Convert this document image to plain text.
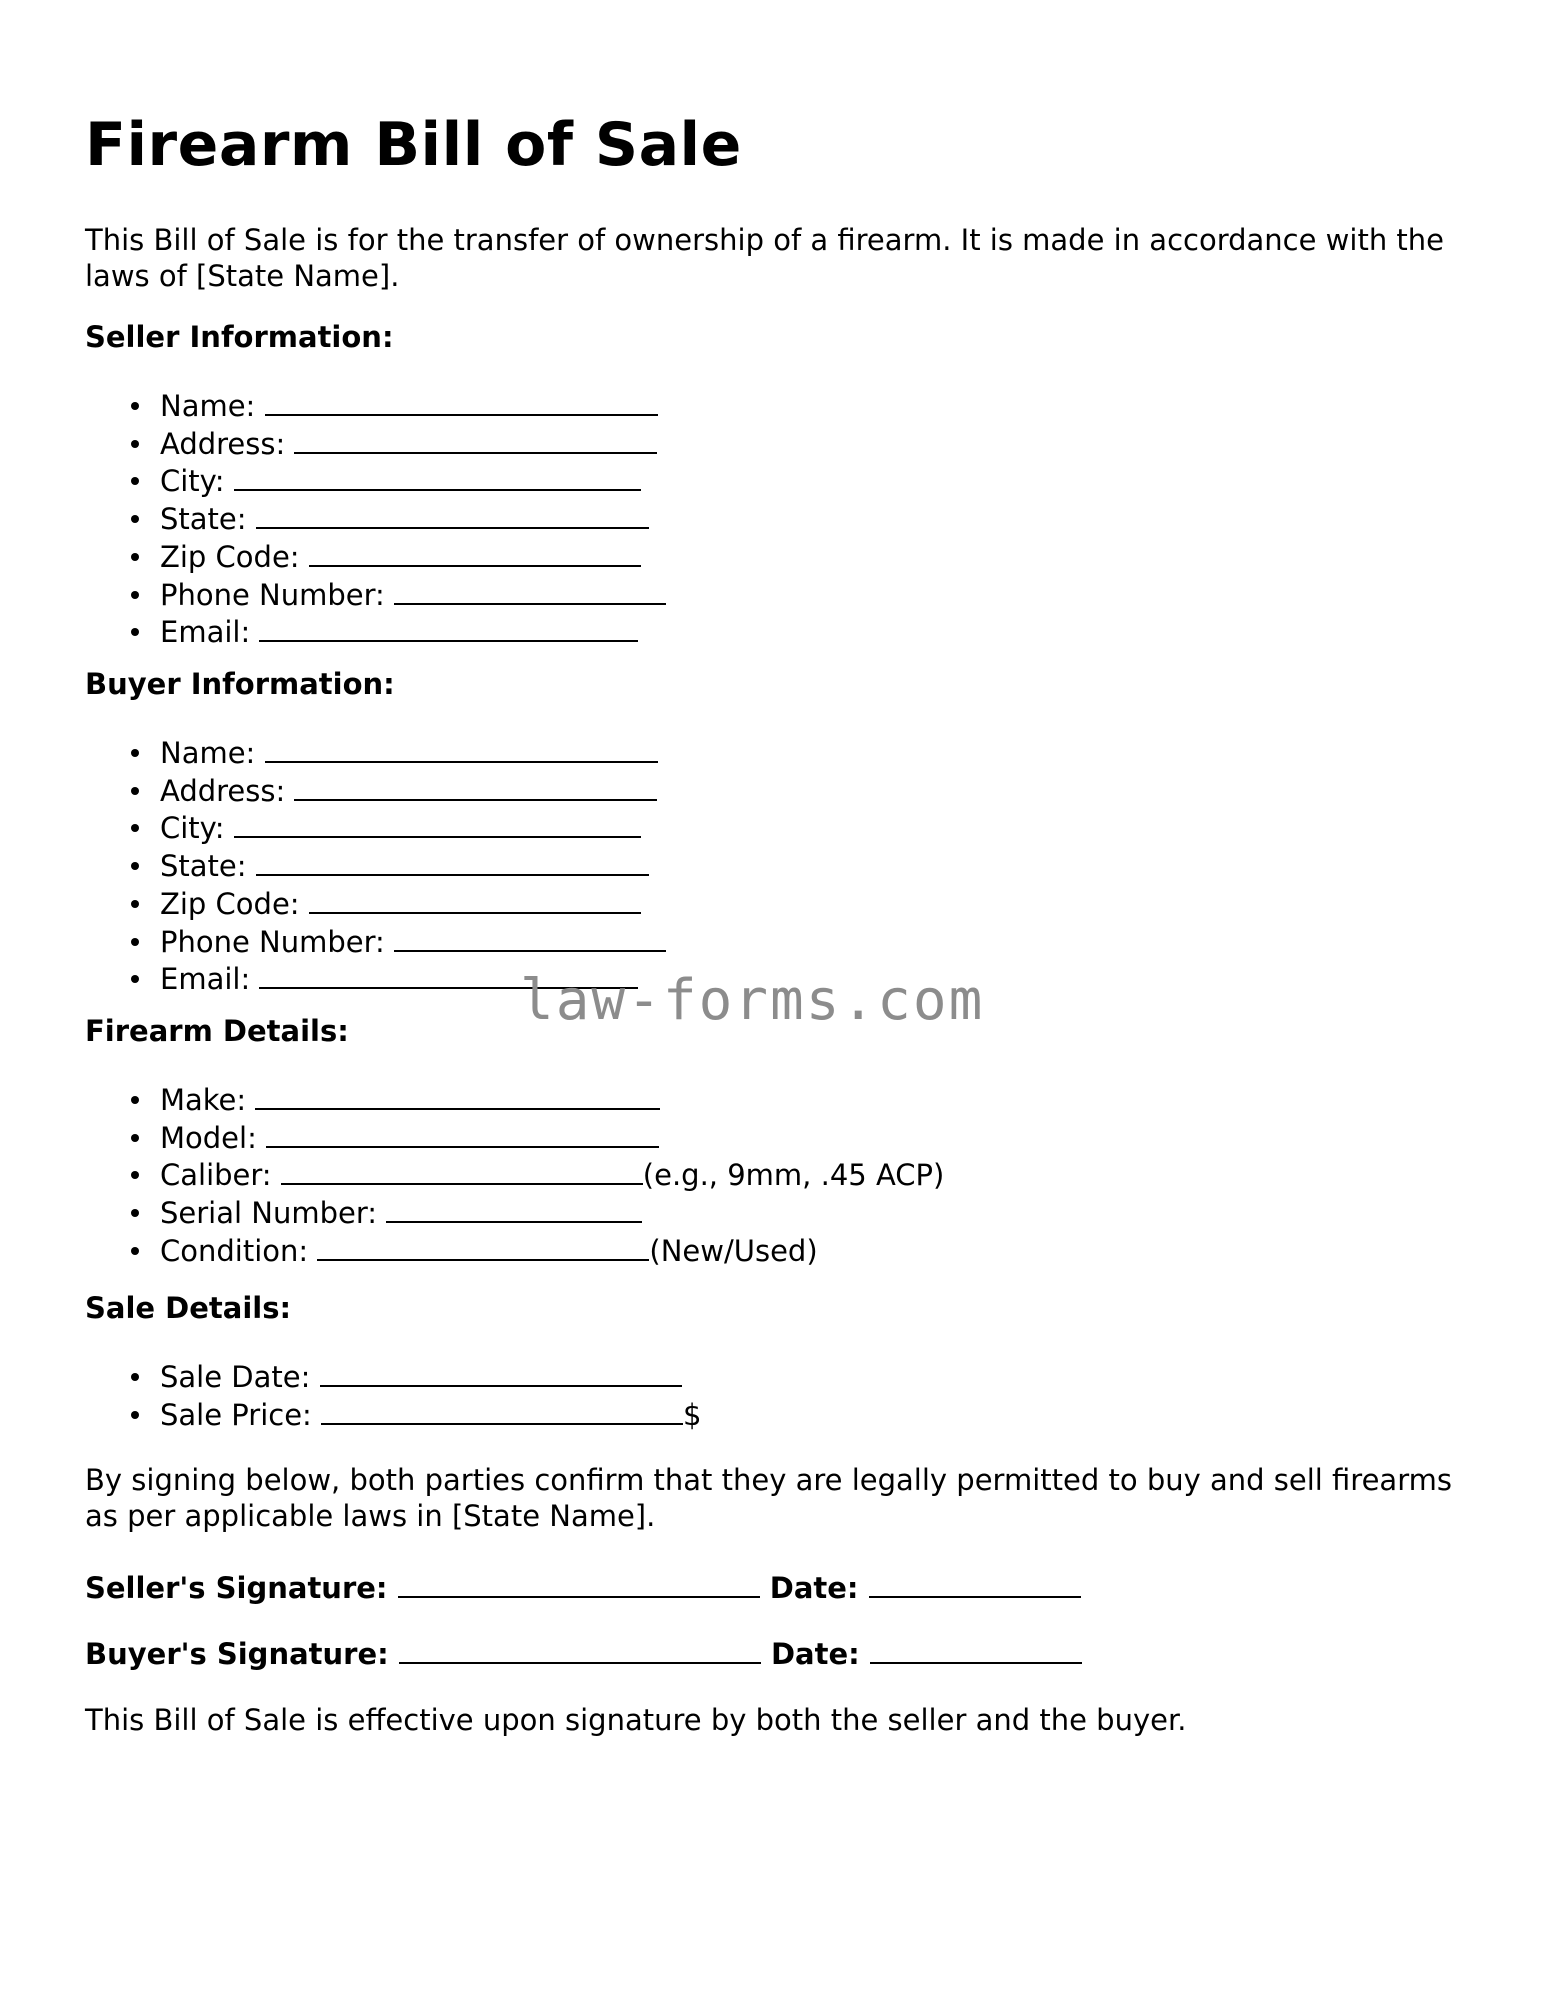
Firearm Bill of Sale

This Bill of Sale is for the transfer of ownership of a firearm. It is made in accordance with the laws of [State Name].

Seller Information:

Name:
Address:
City:
State:
Zip Code:
Phone Number:
Email:

Buyer Information:

Name:
Address:
City:
State:
Zip Code:
Phone Number:
Email:

Firearm Details:

Make:
Model:
Caliber:	(e.g., 9mm, .45 ACP)
Serial Number:
Condition:	(New/Used)

Sale Details:

Sale Date:
Sale Price:	$

By signing below, both parties confirm that they are legally permitted to buy and sell firearms as per applicable laws in [State Name].

Seller's Signature:	Date:
Buyer's Signature:	Date:

This Bill of Sale is effective upon signature by both the seller and the buyer.

law-forms.com
